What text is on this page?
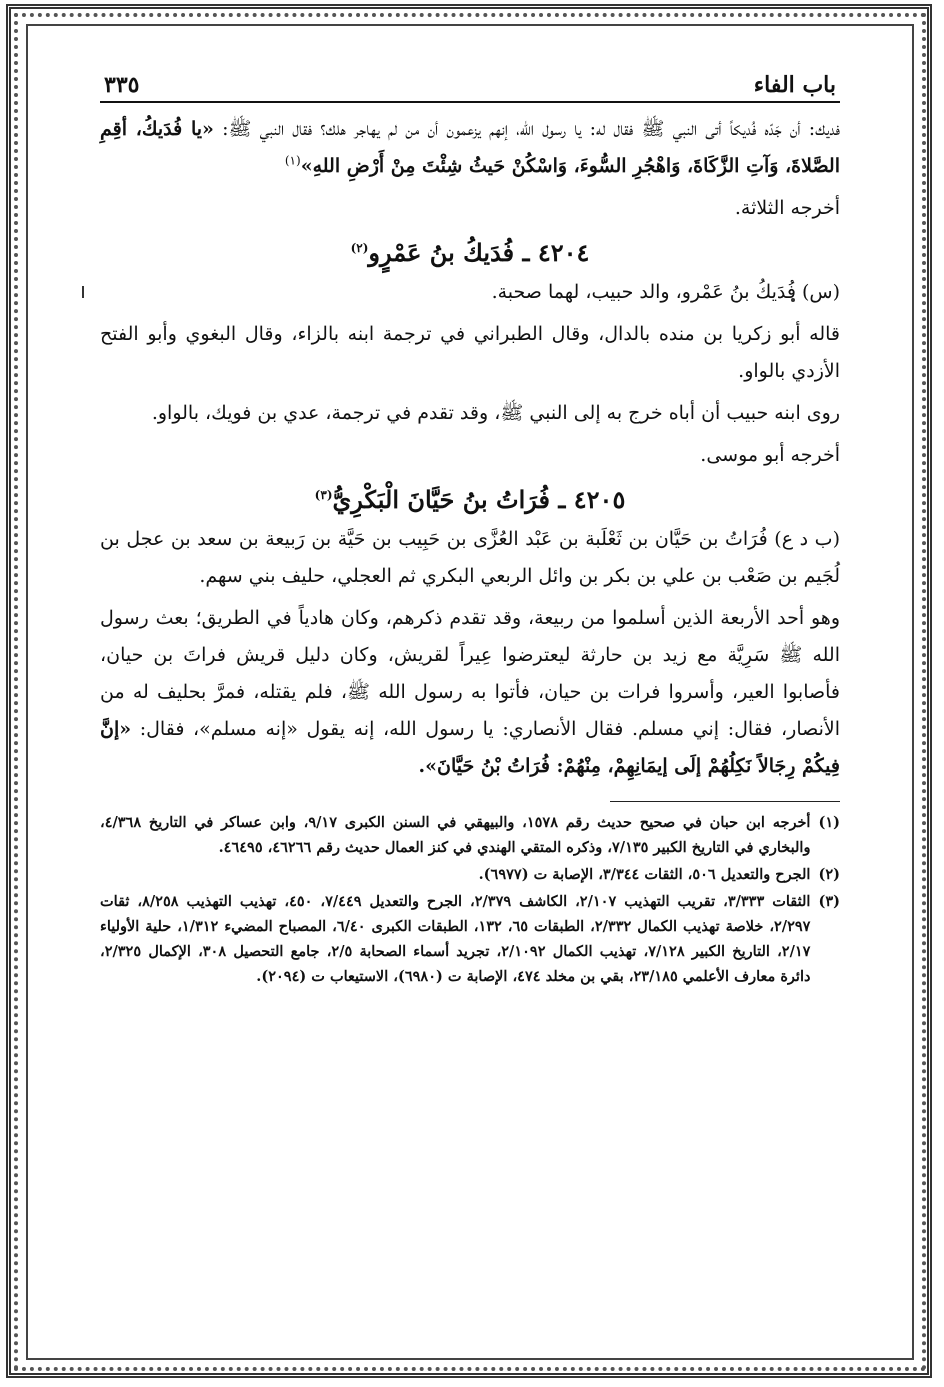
باب الفاء
٣٣٥

فديك: أن جَدّه فُديكاً أتى النبي ﷺ فقال له: يا رسول الله، إنهم يزعمون أن من لم يهاجر هلك؟ فقال النبي ﷺ: «يا فُدَيكُ، أقِمِ الصَّلاةَ، وَآتِ الزَّكَاةَ، وَاهْجُرِ السُّوءَ، وَاسْكُنْ حَيثُ شِئْتَ مِنْ أَرْضِ اللهِ»$^{(١)}$

أخرجه الثلاثة.

٤٢٠٤ ـ فُدَيكُ بنُ عَمْرٍو$^{(٢)}$

(س) فُدَيكُ بنُ عَمْرو، والد حبيب، لهما صحبة.

قاله أبو زكريا بن منده بالدال، وقال الطبراني في ترجمة ابنه بالزاء، وقال البغوي وأبو الفتح الأزدي بالواو.

روى ابنه حبيب أن أباه خرج به إلى النبي ﷺ، وقد تقدم في ترجمة، عدي بن فويك، بالواو.

أخرجه أبو موسى.

٤٢٠٥ ـ فُرَاتُ بنُ حَيَّانَ الْبَكْرِيُّ$^{(٣)}$

(ب د ع) فُرَاتُ بن حَيَّان بن ثَعْلَبة بن عَبْد العُزَّى بن حَبِيب بن حَيَّة بن رَبيعة بن سعد بن عجل بن لُجَيم بن صَعْب بن علي بن بكر بن وائل الربعي البكري ثم العجلي، حليف بني سهم.

وهو أحد الأربعة الذين أسلموا من ربيعة، وقد تقدم ذكرهم، وكان هادياً في الطريق؛ بعث رسول الله ﷺ سَرِيَّة مع زيد بن حارثة ليعترضوا عِيراً لقريش، وكان دليل قريش فراتَ بن حيان، فأصابوا العير، وأسروا فرات بن حيان، فأتوا به رسول الله ﷺ، فلم يقتله، فمرَّ بحليف له من الأنصار، فقال: إني مسلم. فقال الأنصاري: يا رسول الله، إنه يقول «إنه مسلم»، فقال: «إنَّ فِيكُمْ رِجَالاً نَكِلُهُمْ إلَى إيمَانِهِمْ، مِنْهُمْ: فُرَاتُ بْنُ حَيَّانَ».

(١)
أخرجه ابن حبان في صحيح حديث رقم ١٥٧٨، والبيهقي في السنن الكبرى ٩/١٧، وابن عساكر في التاريخ ٤/٣٦٨، والبخاري في التاريخ الكبير ٧/١٣٥، وذكره المتقي الهندي في كنز العمال حديث رقم ٤٦٢٦٦، ٤٦٤٩٥.
(٢)
الجرح والتعديل ٥٠٦، الثقات ٣/٣٤٤، الإصابة ت (٦٩٧٧).
(٣)
الثقات ٣/٣٣٣، تقريب التهذيب ٢/١٠٧، الكاشف ٢/٣٧٩، الجرح والتعديل ٧/٤٤٩، ٤٥٠، تهذيب التهذيب ٨/٢٥٨، ثقات ٢/٢٩٧، خلاصة تهذيب الكمال ٢/٣٣٢، الطبقات ٦٥، ١٣٢، الطبقات الكبرى ٦/٤٠، المصباح المضيء ١/٣١٢، حلية الأولياء ٢/١٧، التاريخ الكبير ٧/١٢٨، تهذيب الكمال ٢/١٠٩٢، تجريد أسماء الصحابة ٢/٥، جامع التحصيل ٣٠٨، الإكمال ٢/٣٢٥، دائرة معارف الأعلمي ٢٣/١٨٥، بقي بن مخلد ٤٧٤، الإصابة ت (٦٩٨٠)، الاستيعاب ت (٢٠٩٤).
